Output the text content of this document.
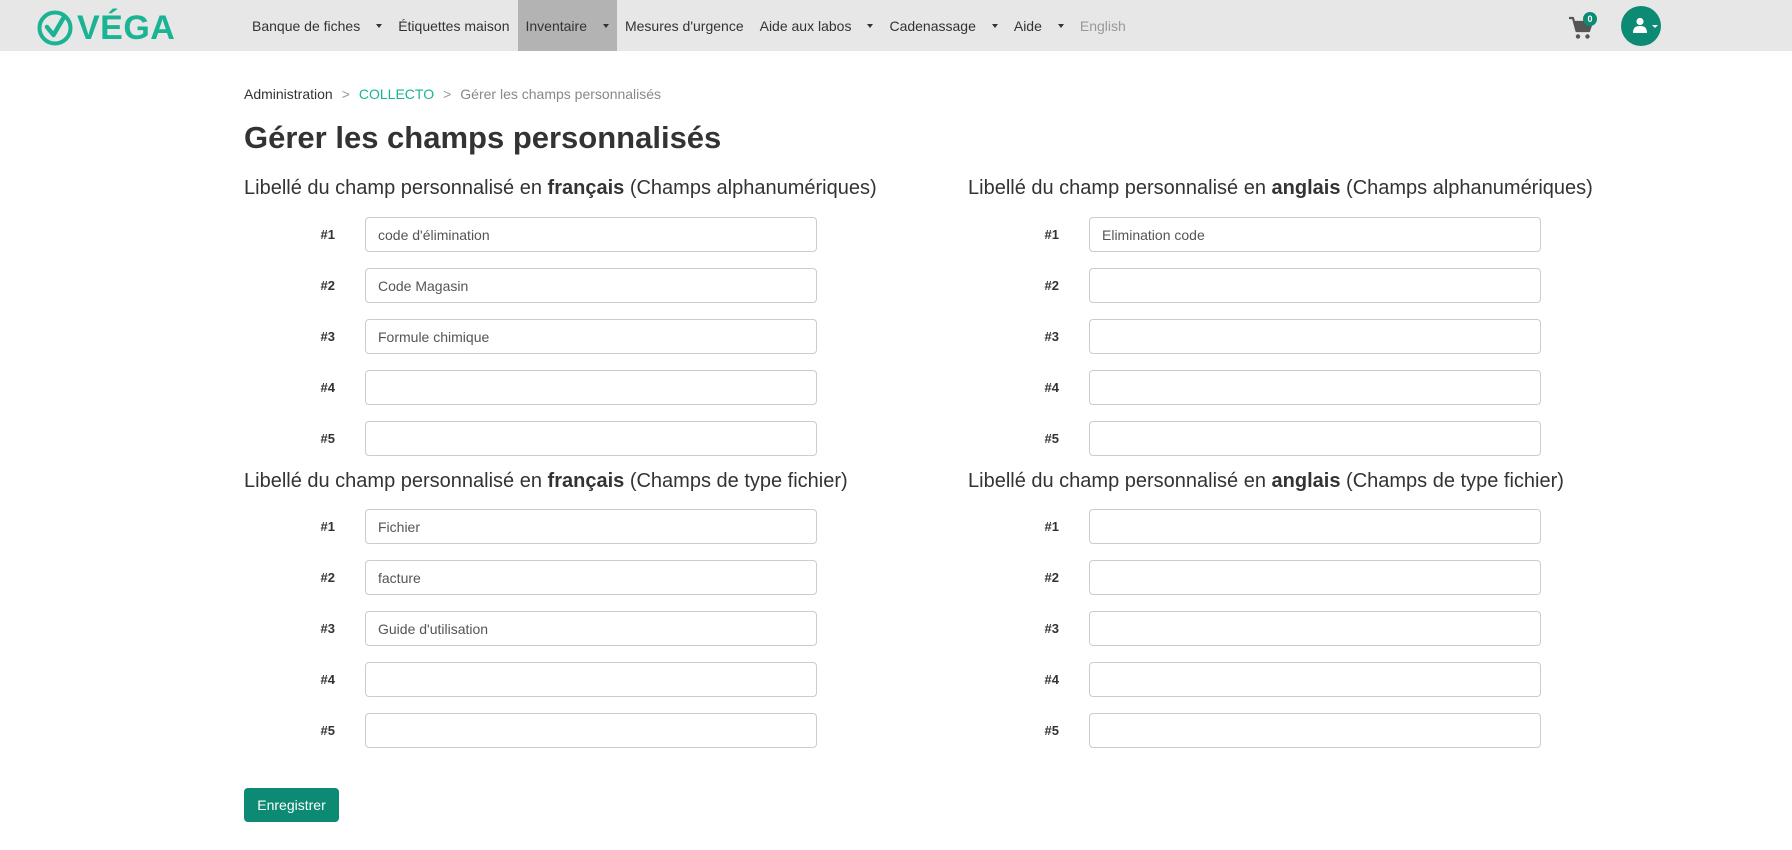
VÉGA	Banque de fiches	Étiquettes maison Inventaire	Mesures d'urgence Aide aux labos	Cadenassage	Aide	English	0
Administration > COLLECTO > Gérer les champs personnalisés
Gérer les champs personnalisés
Libellé du champ personnalisé en français (Champs alphanumériques)
#1
code d'élimination
#2
Code Magasin
#3
Formule chimique
#4
#5
Libellé du champ personnalisé en anglais (Champs alphanumériques)
#1
Elimination code
#2
#3
#4
#5
Libellé du champ personnalisé en français (Champs de type fichier)
#1
Fichier
#2
facture
#3
Guide d'utilisation
#4
#5
Libellé du champ personnalisé en anglais (Champs de type fichier)
#1
#2
#3
#4
#5
Enregistrer
